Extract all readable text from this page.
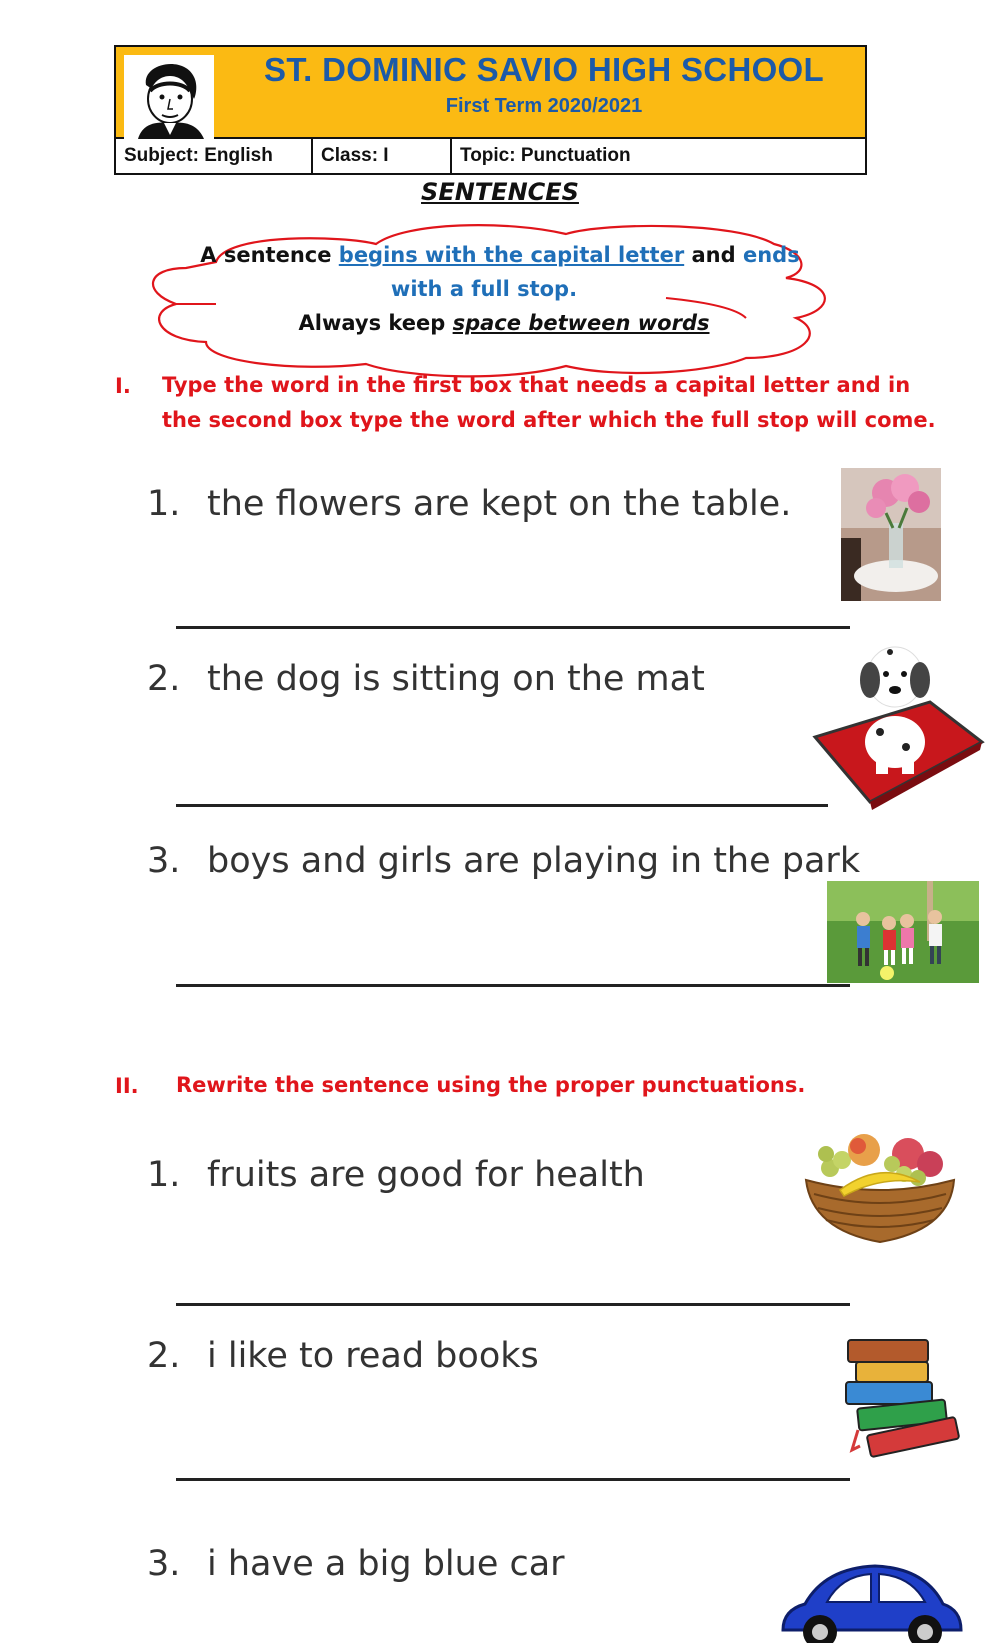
ST. DOMINIC SAVIO HIGH SCHOOL
First Term 2020/2021
Subject: English	Class: I	Topic: Punctuation
SENTENCES
A sentence begins with the capital letter and ends
with a full stop.
Always keep space between words
I. Type the word in the first box that needs a capital letter and in
the second box type the word after which the full stop will come.
1. the flowers are kept on the table.
2. the dog is sitting on the mat
3. boys and girls are playing in the park
II. Rewrite the sentence using the proper punctuations.
1. fruits are good for health
2. i like to read books
3. i have a big blue car
